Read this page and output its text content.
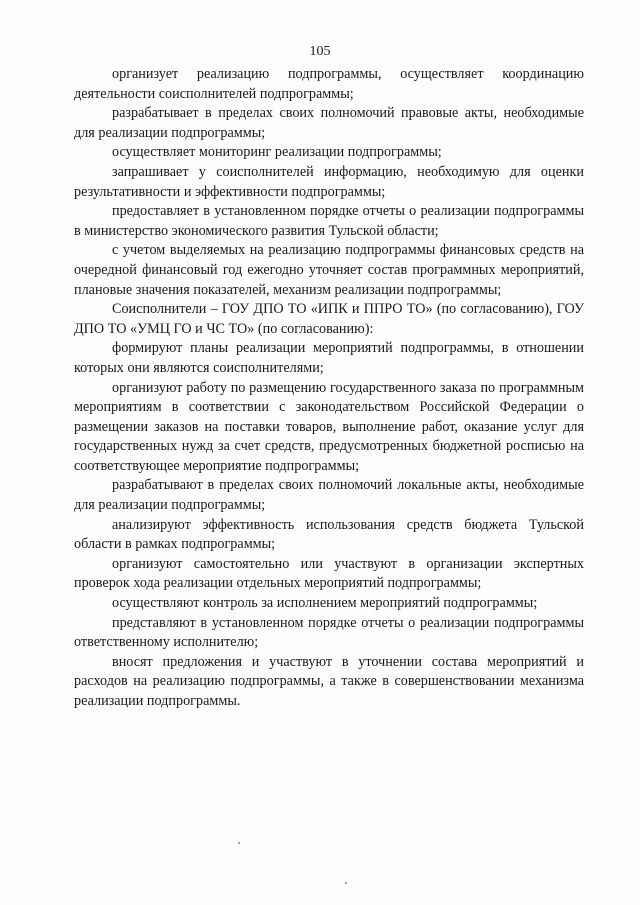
105

организует реализацию подпрограммы, осуществляет координацию деятельности соисполнителей подпрограммы;

разрабатывает в пределах своих полномочий правовые акты, необходимые для реализации подпрограммы;

осуществляет мониторинг реализации подпрограммы;

запрашивает у соисполнителей информацию, необходимую для оценки результативности и эффективности подпрограммы;

предоставляет в установленном порядке отчеты о реализации подпрограммы в министерство экономического развития Тульской области;

с учетом выделяемых на реализацию подпрограммы финансовых средств на очередной финансовый год ежегодно уточняет состав программных мероприятий, плановые значения показателей, механизм реализации подпрограммы;

Соисполнители – ГОУ ДПО ТО «ИПК и ППРО ТО» (по согласованию), ГОУ ДПО ТО «УМЦ ГО и ЧС ТО» (по согласованию):

формируют планы реализации мероприятий подпрограммы, в отношении которых они являются соисполнителями;

организуют работу по размещению государственного заказа по программным мероприятиям в соответствии с законодательством Российской Федерации о размещении заказов на поставки товаров, выполнение работ, оказание услуг для государственных нужд за счет средств, предусмотренных бюджетной росписью на соответствующее мероприятие подпрограммы;

разрабатывают в пределах своих полномочий локальные акты, необходимые для реализации подпрограммы;

анализируют эффективность использования средств бюджета Тульской области в рамках подпрограммы;

организуют самостоятельно или участвуют в организации экспертных проверок хода реализации отдельных мероприятий подпрограммы;

осуществляют контроль за исполнением мероприятий подпрограммы;

представляют в установленном порядке отчеты о реализации подпрограммы ответственному исполнителю;

вносят предложения и участвуют в уточнении состава мероприятий и расходов на реализацию подпрограммы, а также в совершенствовании механизма реализации подпрограммы.
